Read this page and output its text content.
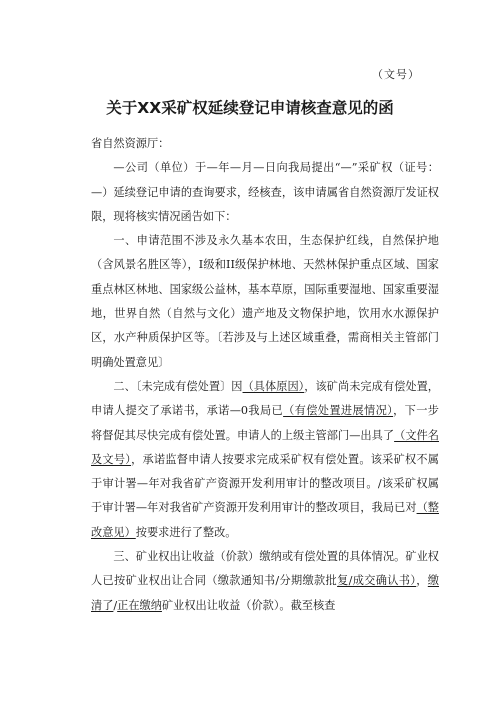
（文号）
关于XX采矿权延续登记申请核查意见的函

省自然资源厅：

—公司（单位）于—年—月—日向我局提出“—”采矿权（证号：—）延续登记申请的查询要求，经核查，该申请属省自然资源厅发证权限，现将核实情况函告如下：

一、申请范围不涉及永久基本农田，生态保护红线，自然保护地（含风景名胜区等），I级和II级保护林地、天然林保护重点区域、国家重点林区林地、国家级公益林，基本草原，国际重要湿地、国家重要湿地，世界自然（自然与文化）遗产地及文物保护地，饮用水水源保护区，水产种质保护区等。〔若涉及与上述区域重叠，需商相关主管部门明确处置意见〕

二、〔未完成有偿处置〕因（具体原因），该矿尚未完成有偿处置，申请人提交了承诺书，承诺—0我局已（有偿处置进展情况），下一步将督促其尽快完成有偿处置。申请人的上级主管部门—出具了（文件名及文号），承诺监督申请人按要求完成采矿权有偿处置。该采矿权不属于审计署—年对我省矿产资源开发利用审计的整改项目。/该采矿权属于审计署—年对我省矿产资源开发利用审计的整改项目，我局已对（整改意见）按要求进行了整改。

三、矿业权出让收益（价款）缴纳或有偿处置的具体情况。矿业权人已按矿业权出让合同（缴款通知书/分期缴款批复/成交确认书），缴清了/正在缴纳矿业权出让收益（价款）。截至核查
